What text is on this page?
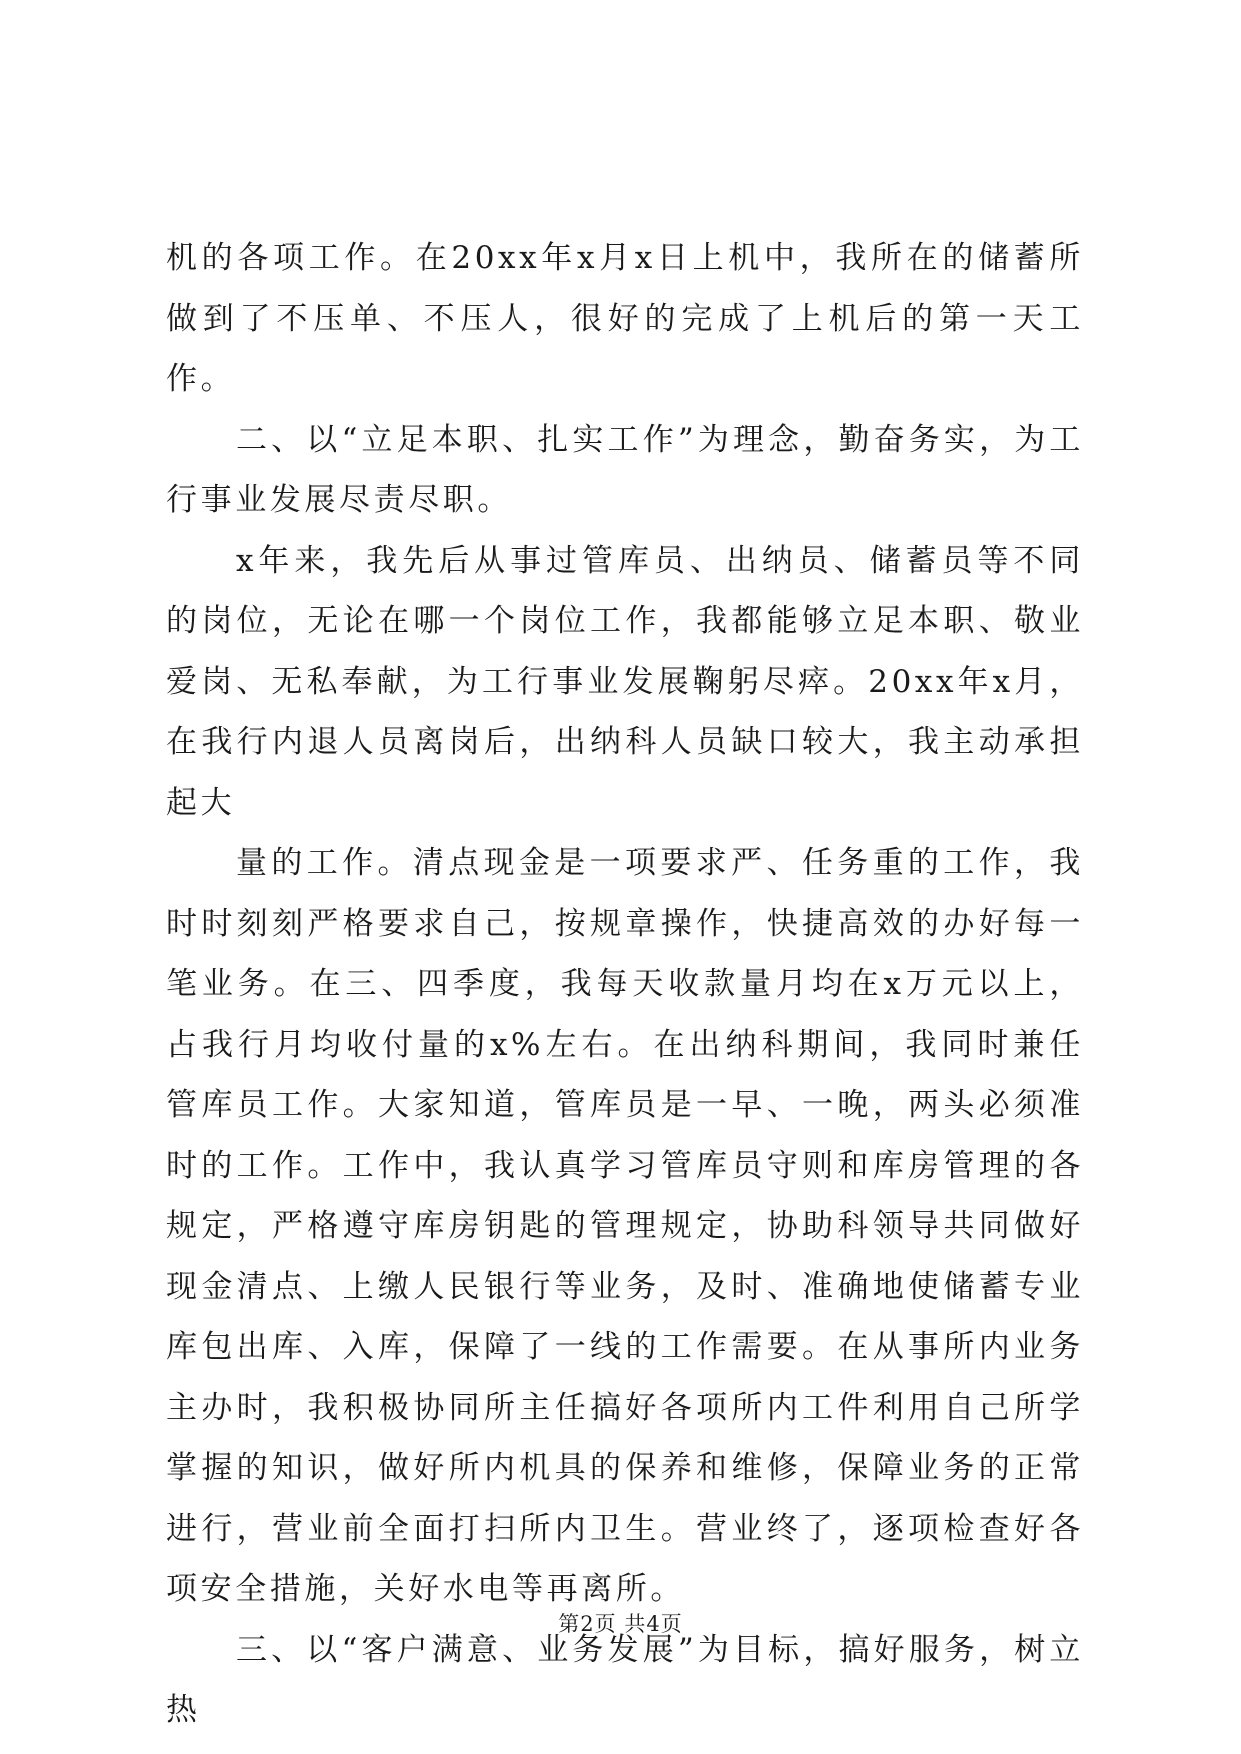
机的各项工作。在20xx年x月x日上机中，我所在的储蓄所做到了不压单、不压人，很好的完成了上机后的第一天工作。

二、以“立足本职、扎实工作”为理念，勤奋务实，为工行事业发展尽责尽职。

x年来，我先后从事过管库员、出纳员、储蓄员等不同的岗位，无论在哪一个岗位工作，我都能够立足本职、敬业爱岗、无私奉献，为工行事业发展鞠躬尽瘁。20xx年x月，在我行内退人员离岗后，出纳科人员缺口较大，我主动承担起大

量的工作。清点现金是一项要求严、任务重的工作，我时时刻刻严格要求自己，按规章操作，快捷高效的办好每一笔业务。在三、四季度，我每天收款量月均在x万元以上，占我行月均收付量的x%左右。在出纳科期间，我同时兼任管库员工作。大家知道，管库员是一早、一晚，两头必须准时的工作。工作中，我认真学习管库员守则和库房管理的各规定，严格遵守库房钥匙的管理规定，协助科领导共同做好现金清点、上缴人民银行等业务，及时、准确地使储蓄专业库包出库、入库，保障了一线的工作需要。在从事所内业务主办时，我积极协同所主任搞好各项所内工件利用自己所学掌握的知识，做好所内机具的保养和维修，保障业务的正常进行，营业前全面打扫所内卫生。营业终了，逐项检查好各项安全措施，关好水电等再离所。

三、以“客户满意、业务发展”为目标，搞好服务，树立热

第2页 共4页
